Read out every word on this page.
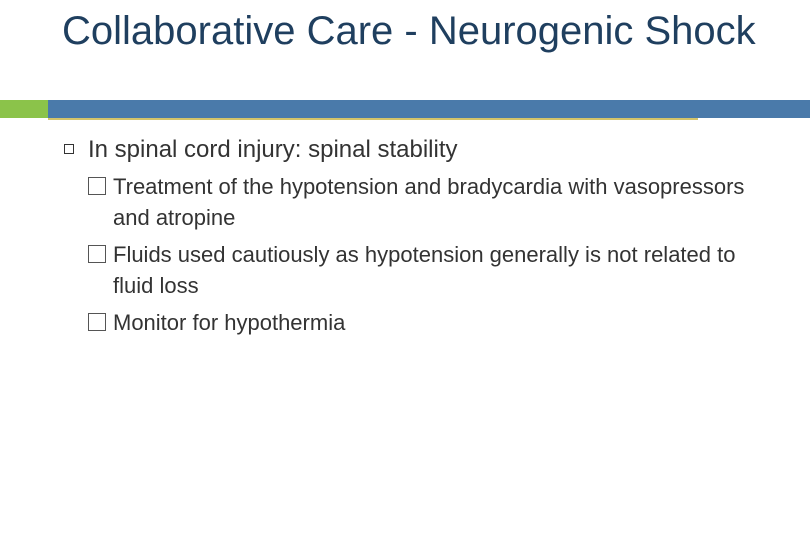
Collaborative Care - Neurogenic Shock
In spinal cord injury: spinal stability
Treatment of the hypotension and bradycardia with vasopressors and atropine
Fluids used cautiously as hypotension generally is not related to fluid loss
Monitor for hypothermia
